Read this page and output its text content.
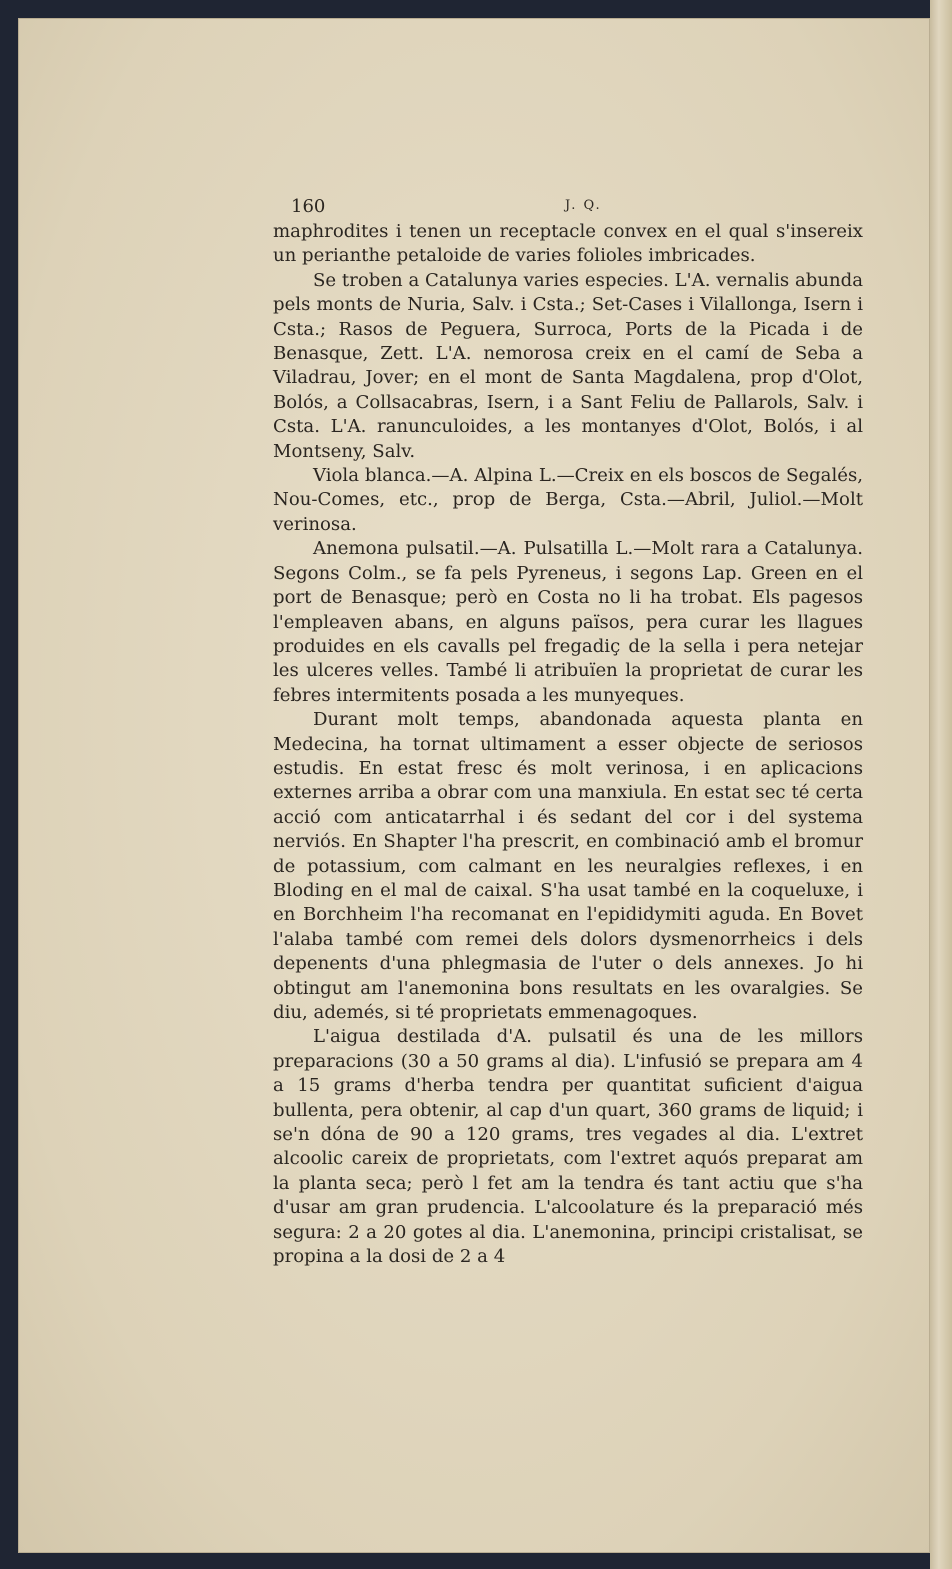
160	J. Q.

maphrodites i tenen un receptacle convex en el qual s'insereix un perianthe petaloide de varies folioles imbricades.

Se troben a Catalunya varies especies. L'A. vernalis abunda pels monts de Nuria, Salv. i Csta.; Set-Cases i Vilallonga, Isern i Csta.; Rasos de Peguera, Surroca, Ports de la Picada i de Benasque, Zett. L'A. nemorosa creix en el camí de Seba a Viladrau, Jover; en el mont de Santa Magdalena, prop d'Olot, Bolós, a Collsacabras, Isern, i a Sant Feliu de Pallarols, Salv. i Csta. L'A. ranunculoides, a les montanyes d'Olot, Bolós, i al Montseny, Salv.

Viola blanca.—A. Alpina L.—Creix en els boscos de Segalés, Nou-Comes, etc., prop de Berga, Csta.—Abril, Juliol.—Molt verinosa.

Anemona pulsatil.—A. Pulsatilla L.—Molt rara a Catalunya. Segons Colm., se fa pels Pyreneus, i segons Lap. Green en el port de Benasque; però en Costa no li ha trobat. Els pagesos l'empleaven abans, en alguns països, pera curar les llagues produides en els cavalls pel fregadiç de la sella i pera netejar les ulceres velles. També li atribuïen la proprietat de curar les febres intermitents posada a les munyeques.

Durant molt temps, abandonada aquesta planta en Medecina, ha tornat ultimament a esser objecte de seriosos estudis. En estat fresc és molt verinosa, i en aplicacions externes arriba a obrar com una manxiula. En estat sec té certa acció com anticatarrhal i és sedant del cor i del systema nerviós. En Shapter l'ha prescrit, en combinació amb el bromur de potassium, com calmant en les neuralgies reflexes, i en Bloding en el mal de caixal. S'ha usat també en la coqueluxe, i en Borchheim l'ha recomanat en l'epididymiti aguda. En Bovet l'alaba també com remei dels dolors dysmenorrheics i dels depenents d'una phlegmasia de l'uter o dels annexes. Jo hi obtingut am l'anemonina bons resultats en les ovaralgies. Se diu, ademés, si té proprietats emmenagoques.

L'aigua destilada d'A. pulsatil és una de les millors preparacions (30 a 50 grams al dia). L'infusió se prepara am 4 a 15 grams d'herba tendra per quantitat suficient d'aigua bullenta, pera obtenir, al cap d'un quart, 360 grams de liquid; i se'n dóna de 90 a 120 grams, tres vegades al dia. L'extret alcoolic careix de proprietats, com l'extret aquós preparat am la planta seca; però l fet am la tendra és tant actiu que s'ha d'usar am gran prudencia. L'alcoolature és la preparació més segura: 2 a 20 gotes al dia. L'anemonina, principi cristalisat, se propina a la dosi de 2 a 4
